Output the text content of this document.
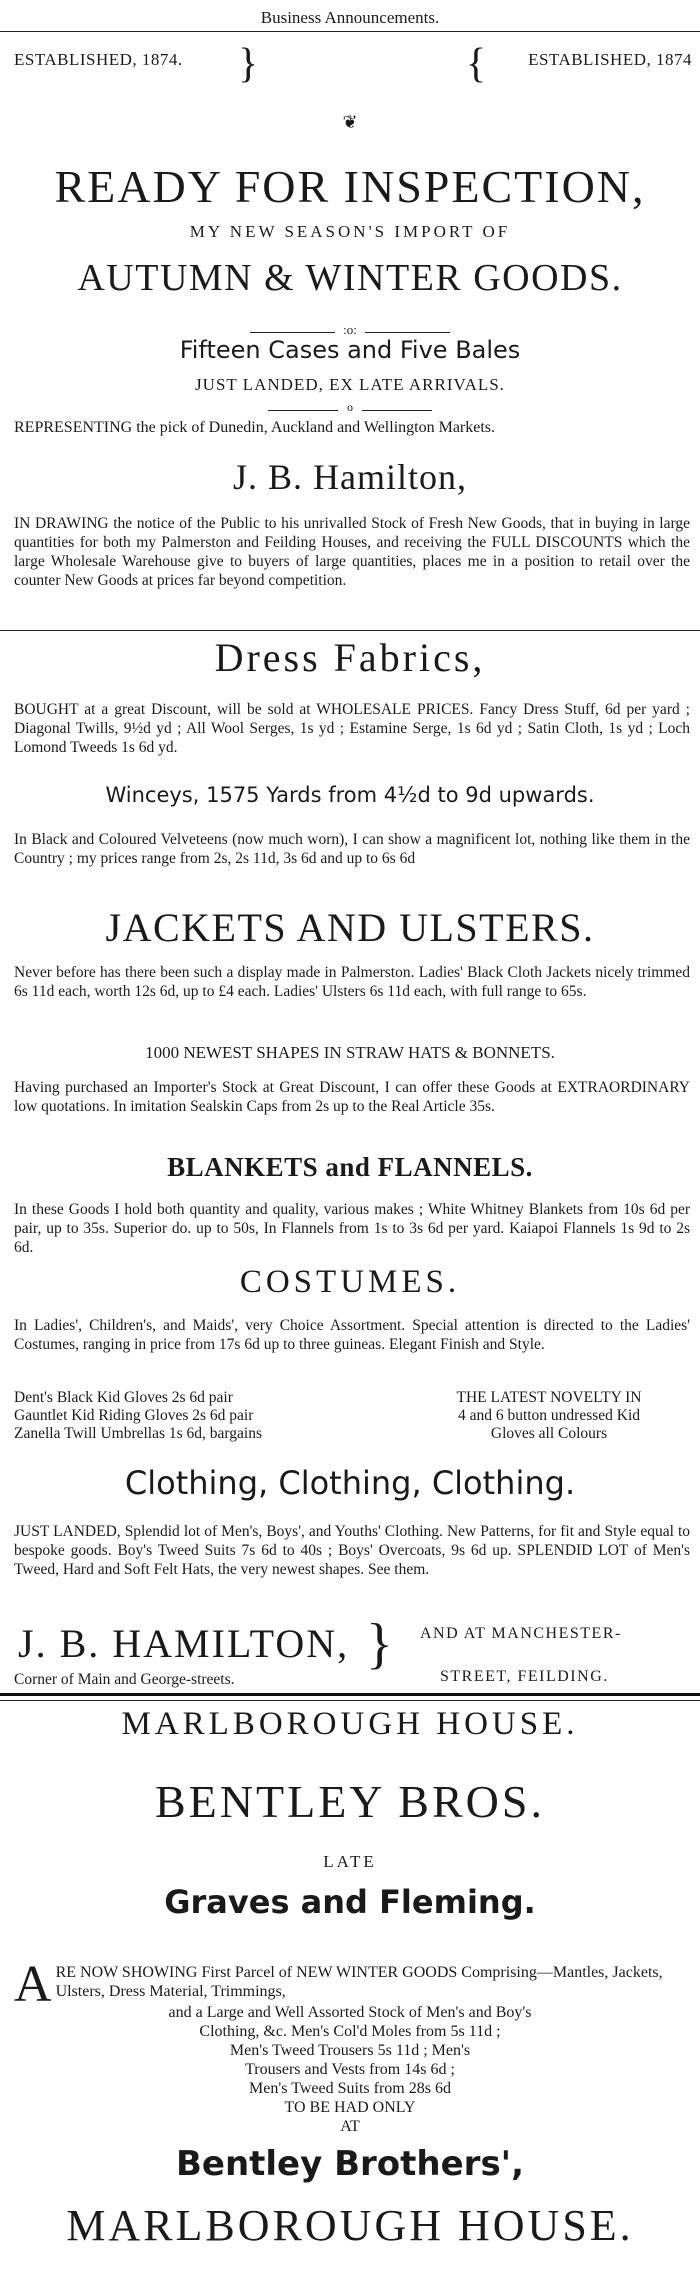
Business Announcements.
ESTABLISHED, 1874. }	{ ESTABLISHED, 1874
❦
READY FOR INSPECTION,
MY NEW SEASON'S IMPORT OF
AUTUMN & WINTER GOODS.
:o:
Fifteen Cases and Five Bales
JUST LANDED, EX LATE ARRIVALS.
o
REPRESENTING the pick of Dunedin, Auckland and Wellington Markets.
J. B. Hamilton,
IN DRAWING the notice of the Public to his unrivalled Stock of Fresh New Goods, that in buying in large quantities for both my Palmerston and Feilding Houses, and receiving the FULL DISCOUNTS which the large Wholesale Warehouse give to buyers of large quantities, places me in a position to retail over the counter New Goods at prices far beyond competition.
Dress Fabrics,
BOUGHT at a great Discount, will be sold at WHOLESALE PRICES. Fancy Dress Stuff, 6d per yard ; Diagonal Twills, 9½d yd ; All Wool Serges, 1s yd ; Estamine Serge, 1s 6d yd ; Satin Cloth, 1s yd ; Loch Lomond Tweeds 1s 6d yd.
Winceys, 1575 Yards from 4½d to 9d upwards.
In Black and Coloured Velveteens (now much worn), I can show a magnificent lot, nothing like them in the Country ; my prices range from 2s, 2s 11d, 3s 6d and up to 6s 6d
JACKETS AND ULSTERS.
Never before has there been such a display made in Palmerston. Ladies' Black Cloth Jackets nicely trimmed 6s 11d each, worth 12s 6d, up to £4 each. Ladies' Ulsters 6s 11d each, with full range to 65s.
1000 NEWEST SHAPES IN STRAW HATS & BONNETS.
Having purchased an Importer's Stock at Great Discount, I can offer these Goods at EXTRAORDINARY low quotations. In imitation Sealskin Caps from 2s up to the Real Article 35s.
BLANKETS and FLANNELS.
In these Goods I hold both quantity and quality, various makes ; White Whitney Blankets from 10s 6d per pair, up to 35s. Superior do. up to 50s, In Flannels from 1s to 3s 6d per yard. Kaiapoi Flannels 1s 9d to 2s 6d.
COSTUMES.
In Ladies', Children's, and Maids', very Choice Assortment. Special attention is directed to the Ladies' Costumes, ranging in price from 17s 6d up to three guineas. Elegant Finish and Style.
Dent's Black Kid Gloves 2s 6d pair
Gauntlet Kid Riding Gloves 2s 6d pair
Zanella Twill Umbrellas 1s 6d, bargains
THE LATEST NOVELTY IN
4 and 6 button undressed Kid
Gloves all Colours
Clothing, Clothing, Clothing.
JUST LANDED, Splendid lot of Men's, Boys', and Youths' Clothing. New Patterns, for fit and Style equal to bespoke goods. Boy's Tweed Suits 7s 6d to 40s ; Boys' Overcoats, 9s 6d up. SPLENDID LOT of Men's Tweed, Hard and Soft Felt Hats, the very newest shapes. See them.
J. B. HAMILTON, }
Corner of Main and George-streets.
AND AT MANCHESTER-
STREET, FEILDING.
MARLBOROUGH HOUSE.
BENTLEY BROS.
LATE
Graves and Fleming.
A RE NOW SHOWING First Parcel of NEW WINTER GOODS Comprising—Mantles, Jackets, Ulsters, Dress Material, Trimmings,
and a Large and Well Assorted Stock of Men's and Boy's
Clothing, &c. Men's Col'd Moles from 5s 11d ;
Men's Tweed Trousers 5s 11d ; Men's
Trousers and Vests from 14s 6d ;
Men's Tweed Suits from 28s 6d
TO BE HAD ONLY
AT
Bentley Brothers',
MARLBOROUGH HOUSE.
